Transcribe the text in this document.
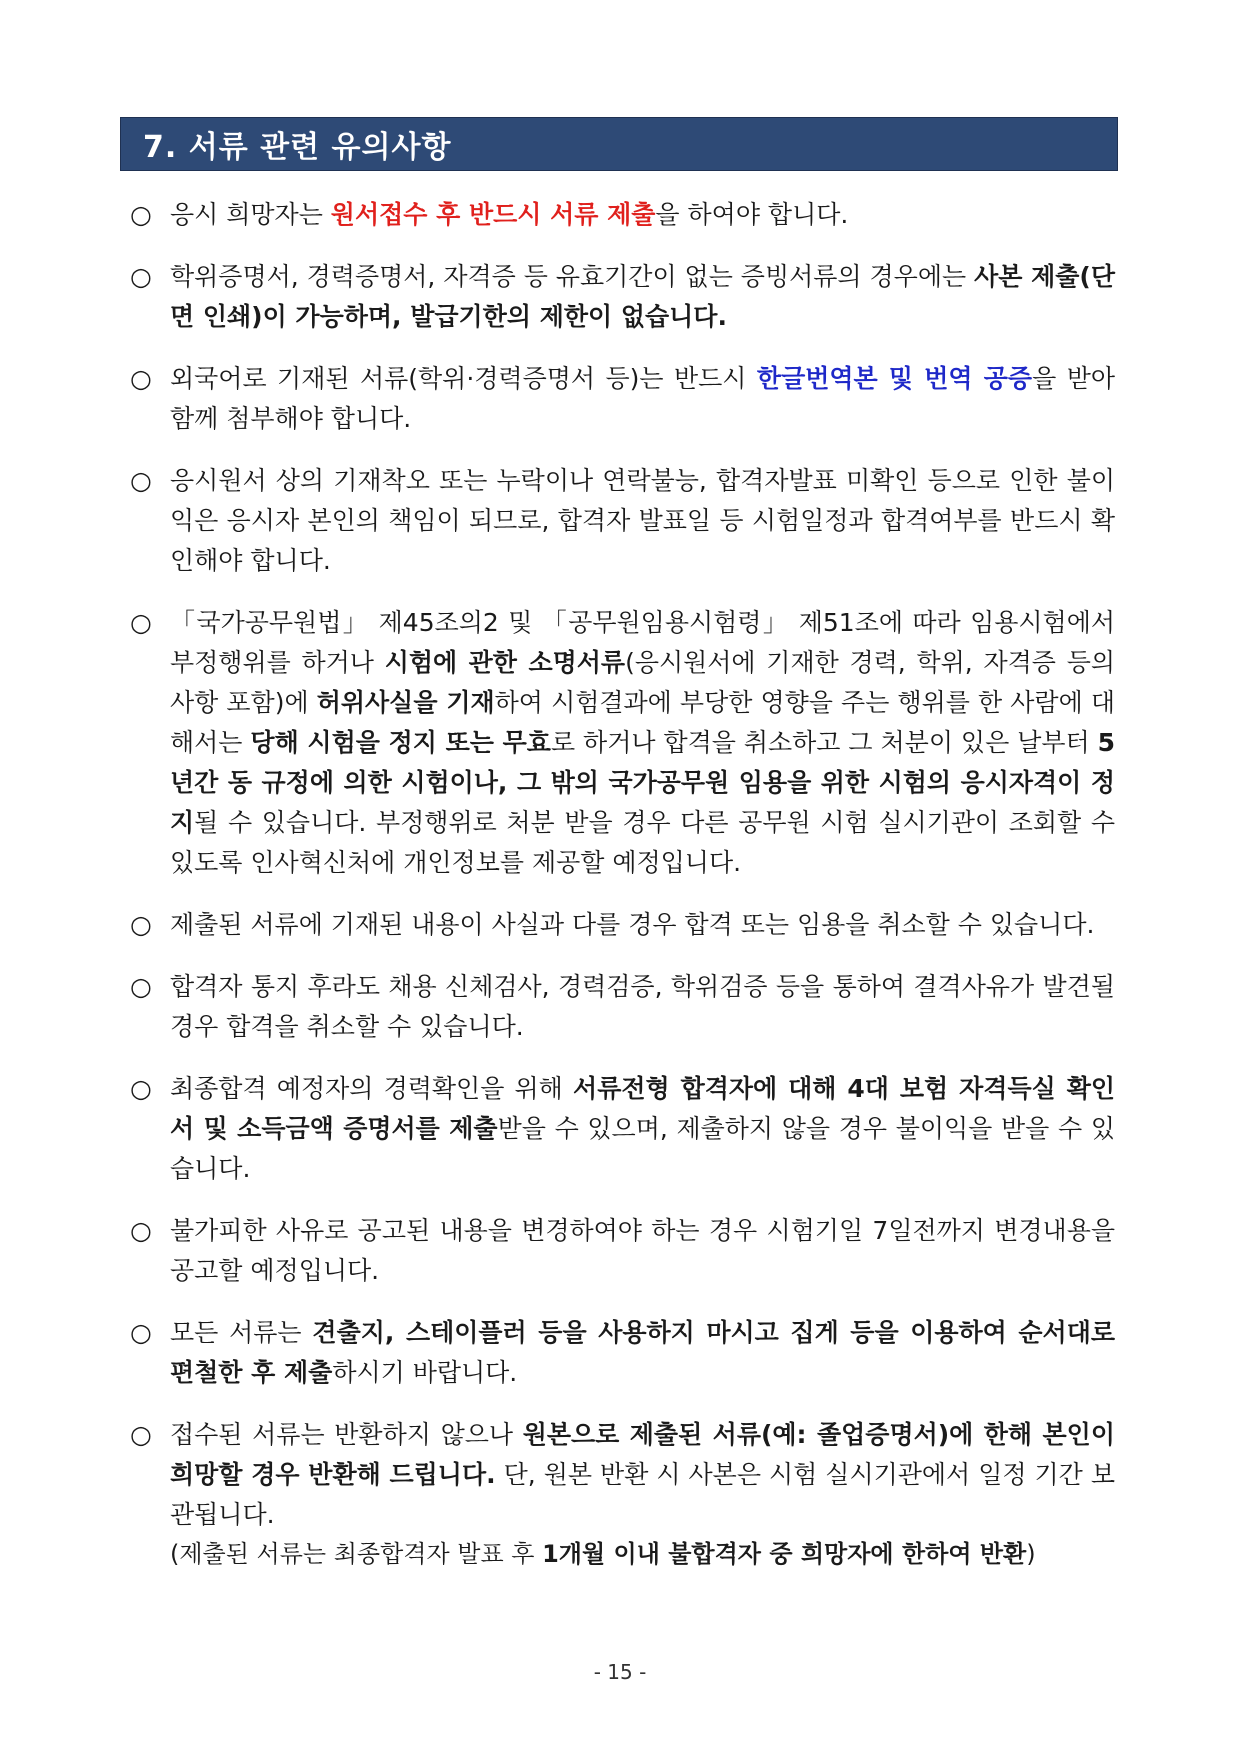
7. 서류 관련 유의사항
○ 응시 희망자는 원서접수 후 반드시 서류 제출을 하여야 합니다.
○ 학위증명서, 경력증명서, 자격증 등 유효기간이 없는 증빙서류의 경우에는 사본 제출(단면 인쇄)이 가능하며, 발급기한의 제한이 없습니다.
○ 외국어로 기재된 서류(학위·경력증명서 등)는 반드시 한글번역본 및 번역 공증을 받아 함께 첨부해야 합니다.
○ 응시원서 상의 기재착오 또는 누락이나 연락불능, 합격자발표 미확인 등으로 인한 불이익은 응시자 본인의 책임이 되므로, 합격자 발표일 등 시험일정과 합격여부를 반드시 확인해야 합니다.
○ 「국가공무원법」 제45조의2 및 「공무원임용시험령」 제51조에 따라 임용시험에서 부정행위를 하거나 시험에 관한 소명서류(응시원서에 기재한 경력, 학위, 자격증 등의 사항 포함)에 허위사실을 기재하여 시험결과에 부당한 영향을 주는 행위를 한 사람에 대해서는 당해 시험을 정지 또는 무효로 하거나 합격을 취소하고 그 처분이 있은 날부터 5년간 동 규정에 의한 시험이나, 그 밖의 국가공무원 임용을 위한 시험의 응시자격이 정지될 수 있습니다. 부정행위로 처분 받을 경우 다른 공무원 시험 실시기관이 조회할 수 있도록 인사혁신처에 개인정보를 제공할 예정입니다.
○ 제출된 서류에 기재된 내용이 사실과 다를 경우 합격 또는 임용을 취소할 수 있습니다.
○ 합격자 통지 후라도 채용 신체검사, 경력검증, 학위검증 등을 통하여 결격사유가 발견될 경우 합격을 취소할 수 있습니다.
○ 최종합격 예정자의 경력확인을 위해 서류전형 합격자에 대해 4대 보험 자격득실 확인서 및 소득금액 증명서를 제출받을 수 있으며, 제출하지 않을 경우 불이익을 받을 수 있습니다.
○ 불가피한 사유로 공고된 내용을 변경하여야 하는 경우 시험기일 7일전까지 변경내용을 공고할 예정입니다.
○ 모든 서류는 견출지, 스테이플러 등을 사용하지 마시고 집게 등을 이용하여 순서대로 편철한 후 제출하시기 바랍니다.
○ 접수된 서류는 반환하지 않으나 원본으로 제출된 서류(예: 졸업증명서)에 한해 본인이 희망할 경우 반환해 드립니다. 단, 원본 반환 시 사본은 시험 실시기관에서 일정 기간 보관됩니다.
(제출된 서류는 최종합격자 발표 후 1개월 이내 불합격자 중 희망자에 한하여 반환)
- 15 -
